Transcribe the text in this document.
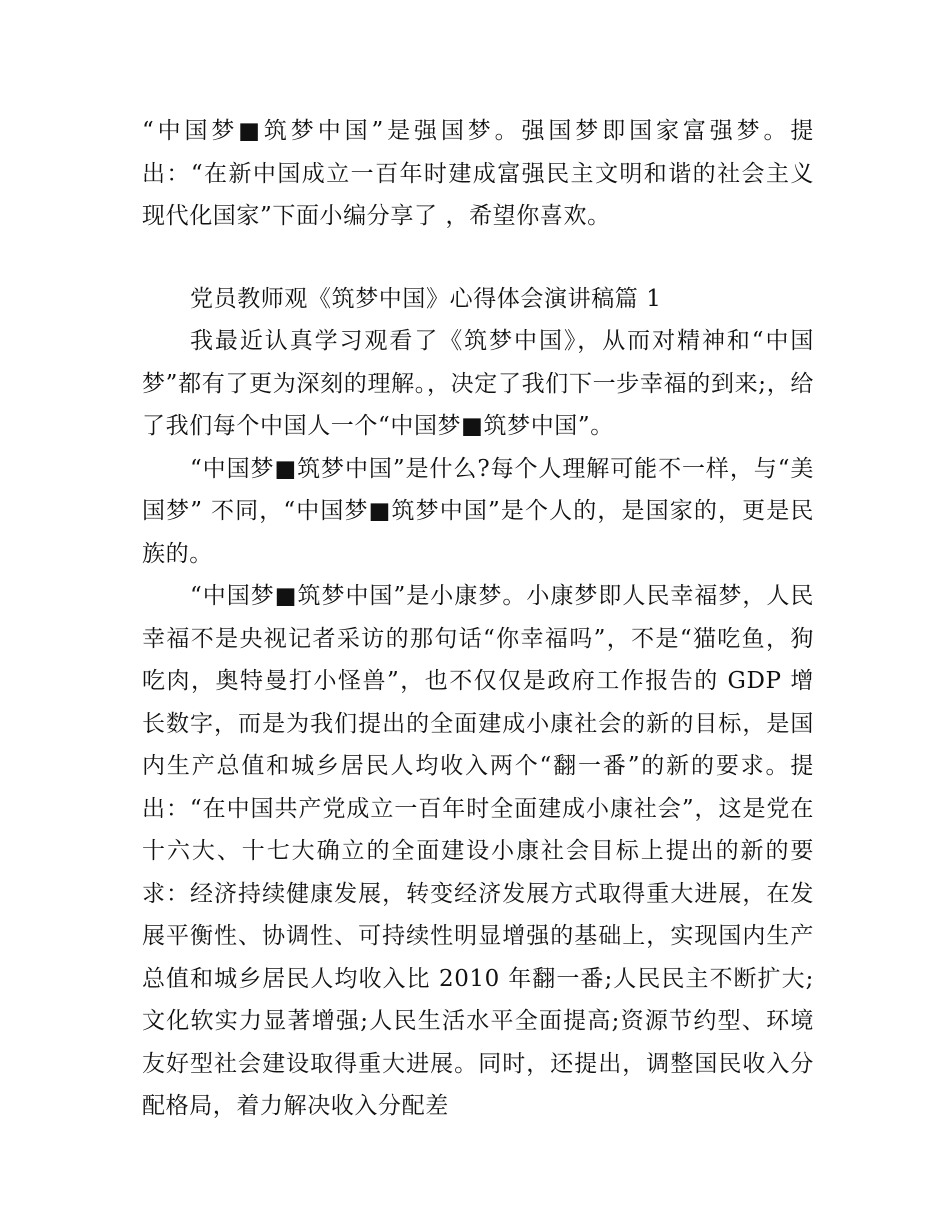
“中国梦■筑梦中国”是强国梦。强国梦即国家富强梦。提出：“在新中国成立一百年时建成富强民主文明和谐的社会主义现代化国家”下面小编分享了 ，希望你喜欢。

党员教师观《筑梦中国》心得体会演讲稿篇 1

我最近认真学习观看了《筑梦中国》，从而对精神和“中国梦”都有了更为深刻的理解。，决定了我们下一步幸福的到来;，给了我们每个中国人一个“中国梦■筑梦中国”。

“中国梦■筑梦中国”是什么?每个人理解可能不一样，与“美国梦” 不同，“中国梦■筑梦中国”是个人的，是国家的，更是民族的。

“中国梦■筑梦中国”是小康梦。小康梦即人民幸福梦，人民幸福不是央视记者采访的那句话“你幸福吗”，不是“猫吃鱼，狗吃肉，奥特曼打小怪兽”，也不仅仅是政府工作报告的 GDP 增长数字，而是为我们提出的全面建成小康社会的新的目标，是国内生产总值和城乡居民人均收入两个“翻一番”的新的要求。提出：“在中国共产党成立一百年时全面建成小康社会”，这是党在十六大、十七大确立的全面建设小康社会目标上提出的新的要求：经济持续健康发展，转变经济发展方式取得重大进展，在发展平衡性、协调性、可持续性明显增强的基础上，实现国内生产总值和城乡居民人均收入比 2010 年翻一番;人民民主不断扩大;文化软实力显著增强;人民生活水平全面提高;资源节约型、环境友好型社会建设取得重大进展。同时，还提出，调整国民收入分配格局，着力解决收入分配差
